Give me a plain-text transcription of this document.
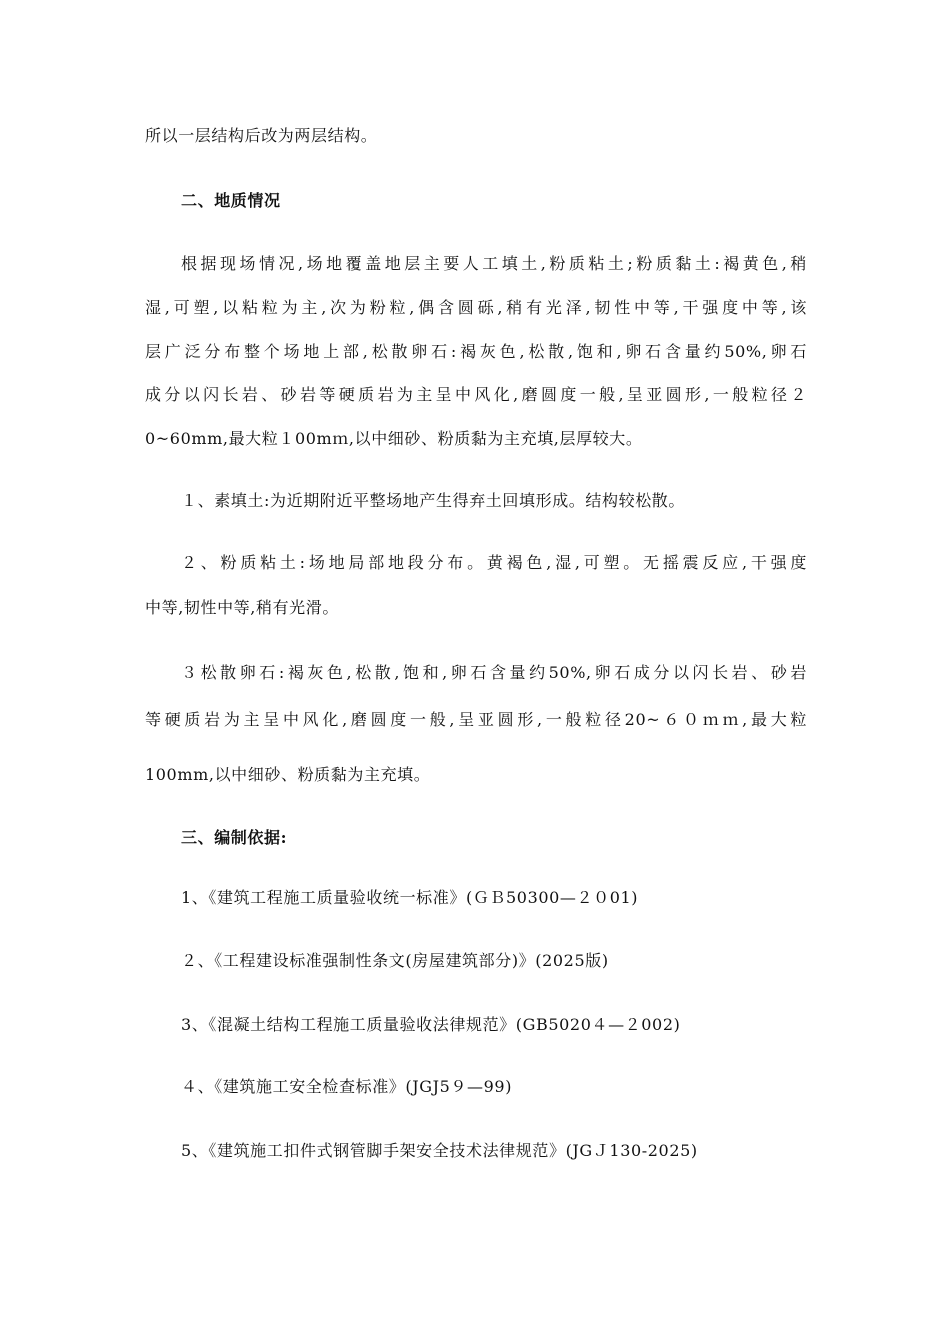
所以一层结构后改为两层结构。
二、地质情况
根据现场情况,场地覆盖地层主要人工填土,粉质粘土;粉质黏土:褐黄色,稍
湿,可塑,以粘粒为主,次为粉粒,偶含圆砾,稍有光泽,韧性中等,干强度中等,该
层广泛分布整个场地上部,松散卵石:褐灰色,松散,饱和,卵石含量约50%,卵石
成分以闪长岩、砂岩等硬质岩为主呈中风化,磨圆度一般,呈亚圆形,一般粒径２
0~60mm,最大粒１00mｍ,以中细砂、粉质黏为主充填,层厚较大。
１、素填土:为近期附近平整场地产生得弃土回填形成。结构较松散。
２、粉质粘土:场地局部地段分布。黄褐色,湿,可塑。无摇震反应,干强度
中等,韧性中等,稍有光滑。
３松散卵石:褐灰色,松散,饱和,卵石含量约50%,卵石成分以闪长岩、砂岩
等硬质岩为主呈中风化,磨圆度一般,呈亚圆形,一般粒径20~６０ｍｍ,最大粒
100mm,以中细砂、粉质黏为主充填。
三、编制依据:
1、《建筑工程施工质量验收统一标准》(ＧＢ50300—２０01)
２、《工程建设标准强制性条文(房屋建筑部分)》(2025版)
3、《混凝土结构工程施工质量验收法律规范》(GB5020４—２002)
４、《建筑施工安全检查标准》(JGJ5９—99)
5、《建筑施工扣件式钢管脚手架安全技术法律规范》(JGＪ130-2025)
